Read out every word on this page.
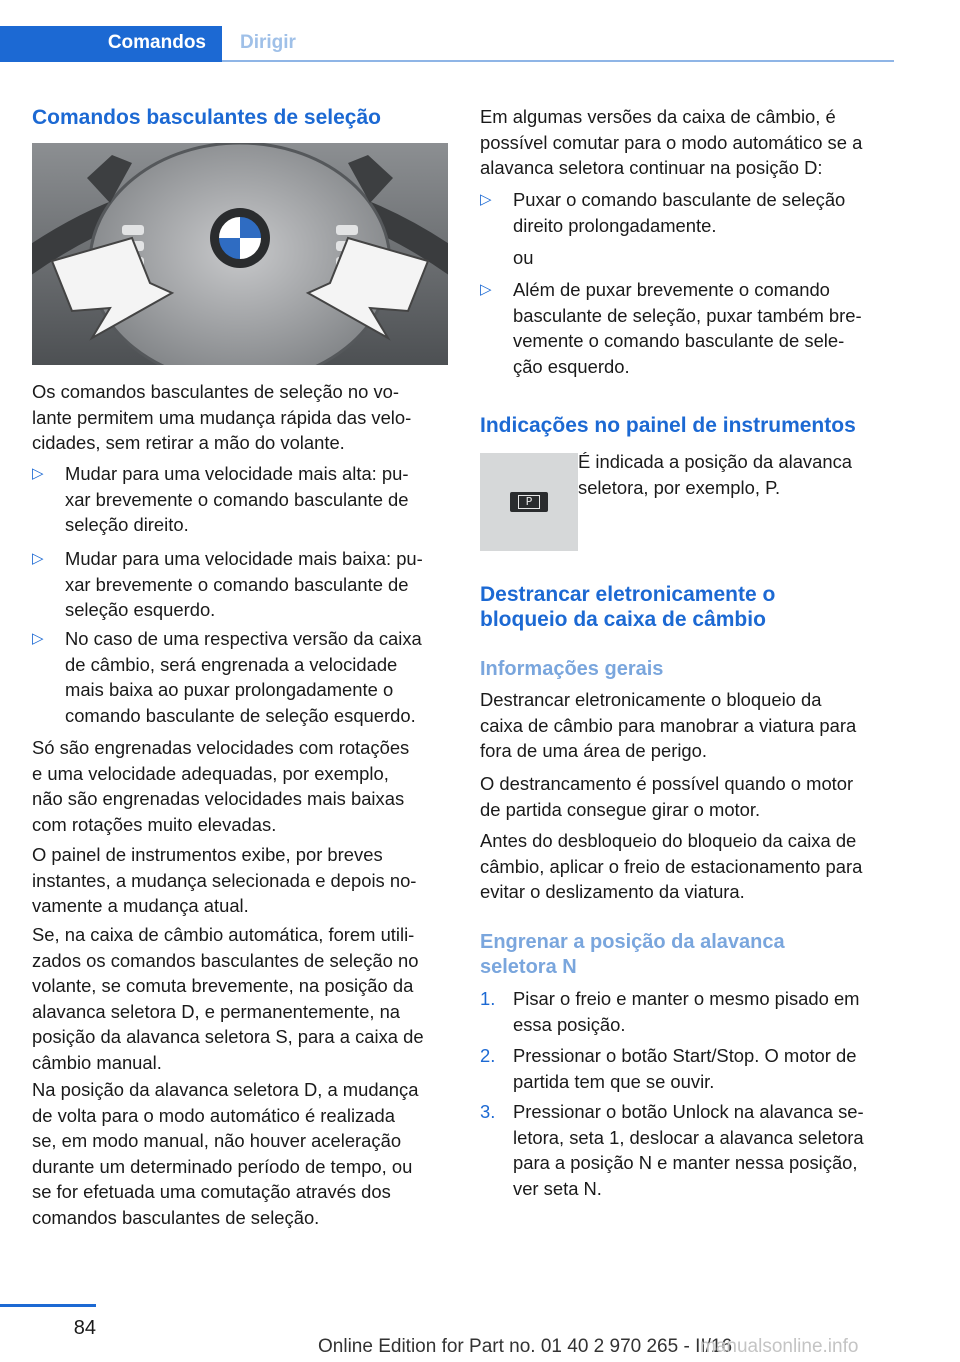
Comandos	Dirigir
Comandos basculantes de seleção

Os comandos basculantes de seleção no vo-
lante permitem uma mudança rápida das velo-
cidades, sem retirar a mão do volante.

▷ Mudar para uma velocidade mais alta: pu-
xar brevemente o comando basculante de
seleção direito.
▷ Mudar para uma velocidade mais baixa: pu-
xar brevemente o comando basculante de
seleção esquerdo.
▷ No caso de uma respectiva versão da caixa
de câmbio, será engrenada a velocidade
mais baixa ao puxar prolongadamente o
comando basculante de seleção esquerdo.

Só são engrenadas velocidades com rotações
e uma velocidade adequadas, por exemplo,
não são engrenadas velocidades mais baixas
com rotações muito elevadas.

O painel de instrumentos exibe, por breves
instantes, a mudança selecionada e depois no-
vamente a mudança atual.

Se, na caixa de câmbio automática, forem utili-
zados os comandos basculantes de seleção no
volante, se comuta brevemente, na posição da
alavanca seletora D, e permanentemente, na
posição da alavanca seletora S, para a caixa de
câmbio manual.

Na posição da alavanca seletora D, a mudança
de volta para o modo automático é realizada
se, em modo manual, não houver aceleração
durante um determinado período de tempo, ou
se for efetuada uma comutação através dos
comandos basculantes de seleção.

Em algumas versões da caixa de câmbio, é
possível comutar para o modo automático se a
alavanca seletora continuar na posição D:

▷ Puxar o comando basculante de seleção
direito prolongadamente.

ou

▷ Além de puxar brevemente o comando
basculante de seleção, puxar também bre-
vemente o comando basculante de sele-
ção esquerdo.
Indicações no painel de instrumentos
P

É indicada a posição da alavanca
seletora, por exemplo, P.

Destrancar eletronicamente o
bloqueio da caixa de câmbio
Informações gerais

Destrancar eletronicamente o bloqueio da
caixa de câmbio para manobrar a viatura para
fora de uma área de perigo.

O destrancamento é possível quando o motor
de partida consegue girar o motor.

Antes do desbloqueio do bloqueio da caixa de
câmbio, aplicar o freio de estacionamento para
evitar o deslizamento da viatura.

Engrenar a posição da alavanca
seletora N
1. Pisar o freio e manter o mesmo pisado em
essa posição.
2. Pressionar o botão Start/Stop. O motor de
partida tem que se ouvir.
3. Pressionar o botão Unlock na alavanca se-
letora, seta 1, deslocar a alavanca seletora
para a posição N e manter nessa posição,
ver seta N.
84
Online Edition for Part no. 01 40 2 970 265 - II/16
manualsonline.info
